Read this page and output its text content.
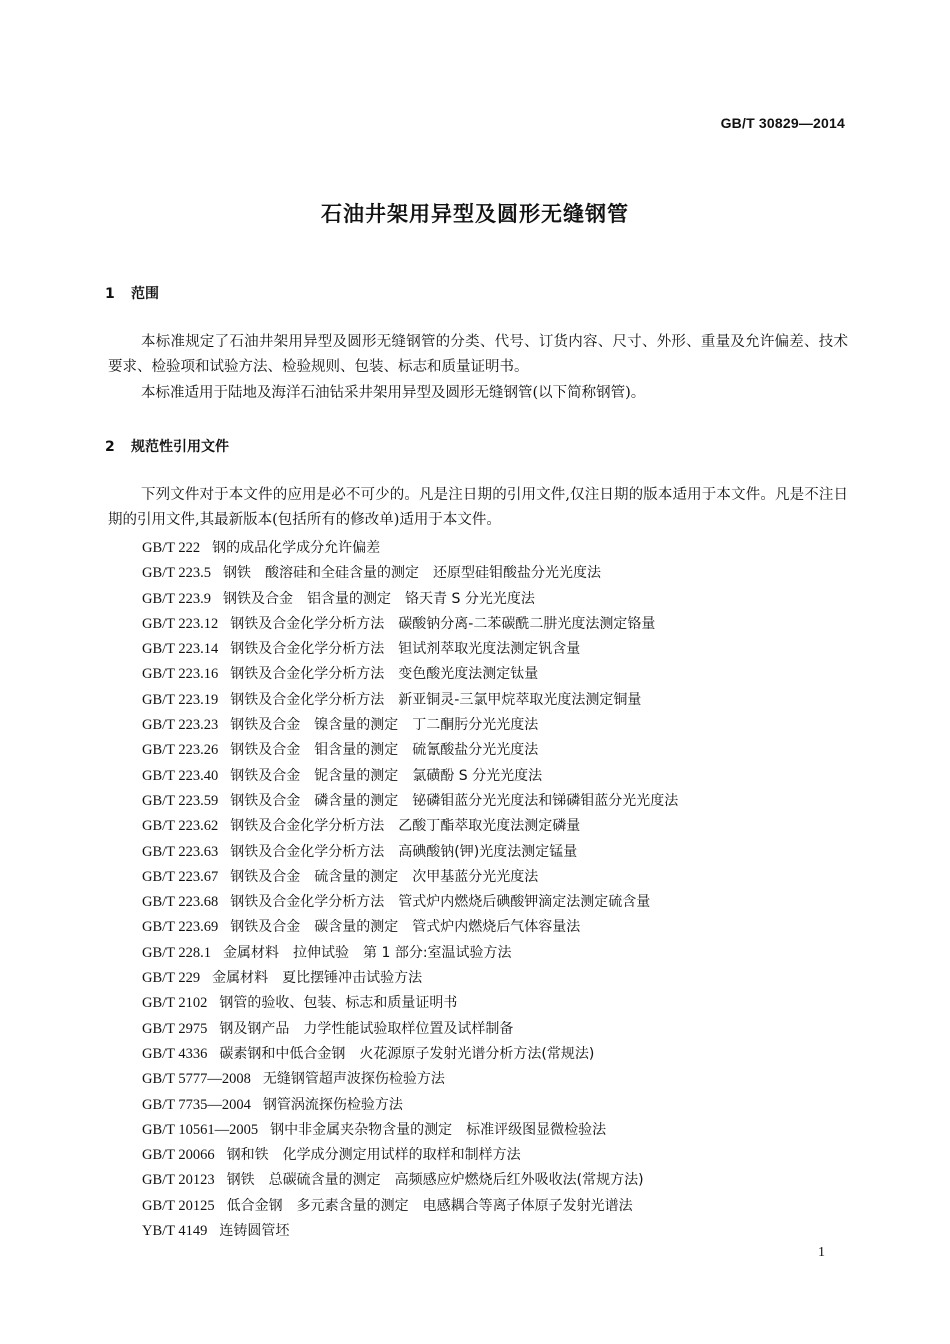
GB/T 30829—2014
石油井架用异型及圆形无缝钢管
1 范围

本标准规定了石油井架用异型及圆形无缝钢管的分类、代号、订货内容、尺寸、外形、重量及允许偏差、技术要求、检验项和试验方法、检验规则、包装、标志和质量证明书。

本标准适用于陆地及海洋石油钻采井架用异型及圆形无缝钢管(以下简称钢管)。

2 规范性引用文件

下列文件对于本文件的应用是必不可少的。凡是注日期的引用文件,仅注日期的版本适用于本文件。凡是不注日期的引用文件,其最新版本(包括所有的修改单)适用于本文件。

GB/T 222 钢的成品化学成分允许偏差
GB/T 223.5 钢铁　酸溶硅和全硅含量的测定　还原型硅钼酸盐分光光度法
GB/T 223.9 钢铁及合金　铝含量的测定　铬天青 S 分光光度法
GB/T 223.12 钢铁及合金化学分析方法　碳酸钠分离-二苯碳酰二肼光度法测定铬量
GB/T 223.14 钢铁及合金化学分析方法　钽试剂萃取光度法测定钒含量
GB/T 223.16 钢铁及合金化学分析方法　变色酸光度法测定钛量
GB/T 223.19 钢铁及合金化学分析方法　新亚铜灵-三氯甲烷萃取光度法测定铜量
GB/T 223.23 钢铁及合金　镍含量的测定　丁二酮肟分光光度法
GB/T 223.26 钢铁及合金　钼含量的测定　硫氰酸盐分光光度法
GB/T 223.40 钢铁及合金　铌含量的测定　氯磺酚 S 分光光度法
GB/T 223.59 钢铁及合金　磷含量的测定　铋磷钼蓝分光光度法和锑磷钼蓝分光光度法
GB/T 223.62 钢铁及合金化学分析方法　乙酸丁酯萃取光度法测定磷量
GB/T 223.63 钢铁及合金化学分析方法　高碘酸钠(钾)光度法测定锰量
GB/T 223.67 钢铁及合金　硫含量的测定　次甲基蓝分光光度法
GB/T 223.68 钢铁及合金化学分析方法　管式炉内燃烧后碘酸钾滴定法测定硫含量
GB/T 223.69 钢铁及合金　碳含量的测定　管式炉内燃烧后气体容量法
GB/T 228.1 金属材料　拉伸试验　第 1 部分:室温试验方法
GB/T 229 金属材料　夏比摆锤冲击试验方法
GB/T 2102 钢管的验收、包装、标志和质量证明书
GB/T 2975 钢及钢产品　力学性能试验取样位置及试样制备
GB/T 4336 碳素钢和中低合金钢　火花源原子发射光谱分析方法(常规法)
GB/T 5777—2008 无缝钢管超声波探伤检验方法
GB/T 7735—2004 钢管涡流探伤检验方法
GB/T 10561—2005 钢中非金属夹杂物含量的测定　标准评级图显微检验法
GB/T 20066 钢和铁　化学成分测定用试样的取样和制样方法
GB/T 20123 钢铁　总碳硫含量的测定　高频感应炉燃烧后红外吸收法(常规方法)
GB/T 20125 低合金钢　多元素含量的测定　电感耦合等离子体原子发射光谱法
YB/T 4149 连铸圆管坯
1
